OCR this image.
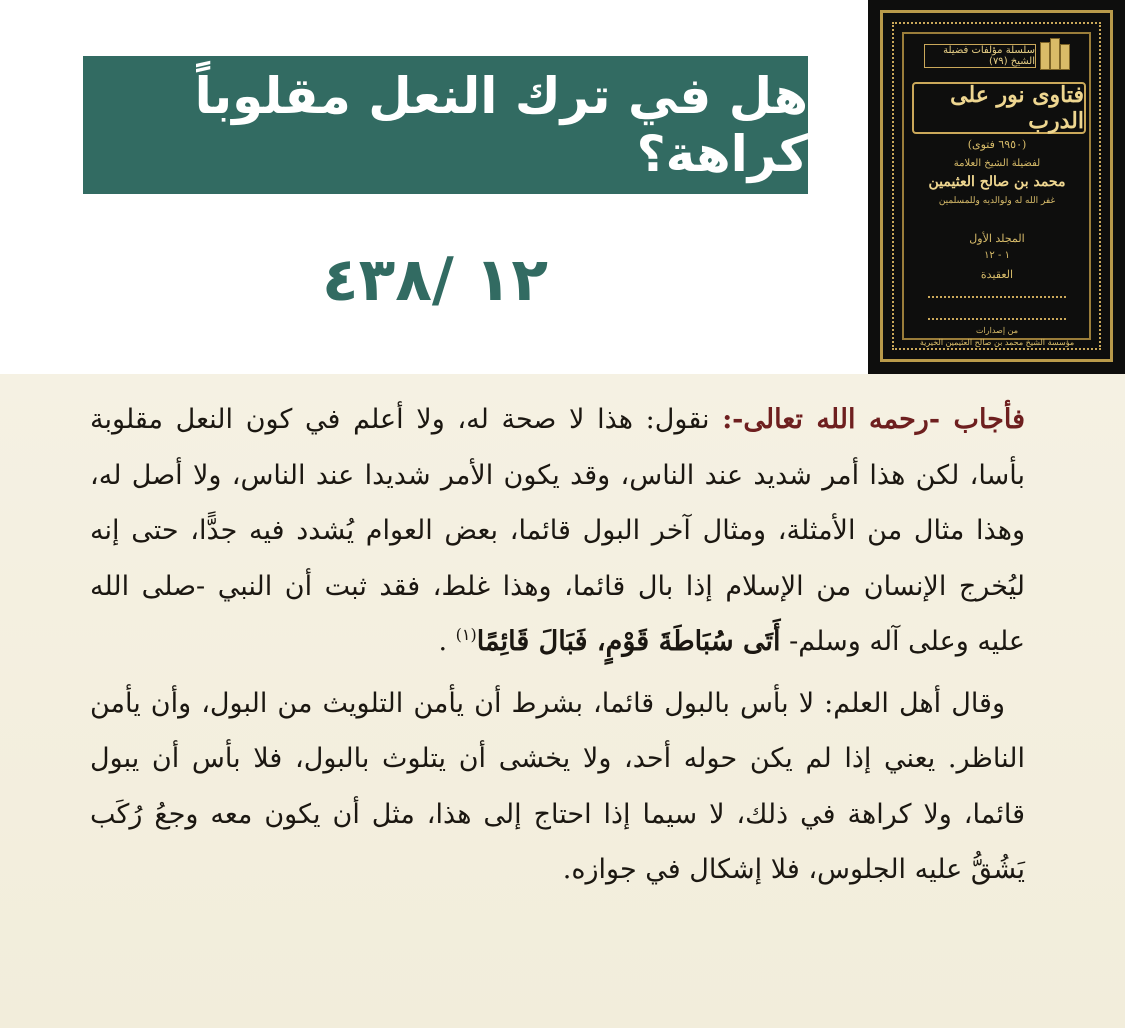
هل في ترك النعل مقلوباً كراهة؟
١٢ /٤٣٨
سلسلة مؤلفات فضيلة الشيخ (٧٩)
فتاوى نور على الدرب
(٦٩٥٠ فتوى)
لفضيلة الشيخ العلامة
محمد بن صالح العثيمين
غفر الله له ولوالديه وللمسلمين
المجلد الأول
١ - ١٢
العقيدة
من إصدارات
مؤسسة الشيخ محمد بن صالح العثيمين الخيرية

فأجاب -رحمه الله تعالى-: نقول: هذا لا صحة له، ولا أعلم في كون النعل مقلوبة بأسا، لكن هذا أمر شديد عند الناس، وقد يكون الأمر شديدا عند الناس، ولا أصل له، وهذا مثال من الأمثلة، ومثال آخر البول قائما، بعض العوام يُشدد فيه جدًّا، حتى إنه ليُخرج الإنسان من الإسلام إذا بال قائما، وهذا غلط، فقد ثبت أن النبي -صلى الله عليه وعلى آله وسلم- أَتَى سُبَاطَةَ قَوْمٍ، فَبَالَ قَائِمًا$^{(١)}$ .

وقال أهل العلم: لا بأس بالبول قائما، بشرط أن يأمن التلويث من البول، وأن يأمن الناظر. يعني إذا لم يكن حوله أحد، ولا يخشى أن يتلوث بالبول، فلا بأس أن يبول قائما، ولا كراهة في ذلك، لا سيما إذا احتاج إلى هذا، مثل أن يكون معه وجعُ رُكَب يَشُقُّ عليه الجلوس، فلا إشكال في جوازه.
